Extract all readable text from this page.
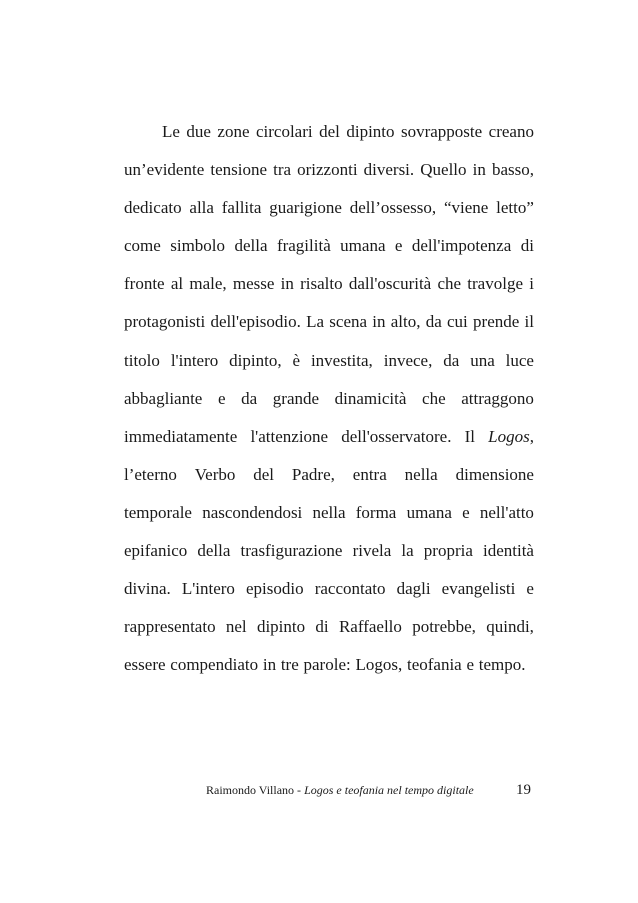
Le due zone circolari del dipinto sovrapposte creano
un’evidente tensione tra orizzonti diversi. Quello in basso,
dedicato alla fallita guarigione dell’ossesso, “viene letto”
come simbolo della fragilità umana e dell'impotenza di
fronte al male, messe in risalto dall'oscurità che travolge i
protagonisti dell'episodio. La scena in alto, da cui prende il
titolo l'intero dipinto, è investita, invece, da una luce
abbagliante e da grande dinamicità che attraggono
immediatamente l'attenzione dell'osservatore. Il Logos,
l’eterno Verbo del Padre, entra nella dimensione
temporale nascondendosi nella forma umana e nell'atto
epifanico della trasfigurazione rivela la propria identità
divina. L'intero episodio raccontato dagli evangelisti e
rappresentato nel dipinto di Raffaello potrebbe, quindi,
essere compendiato in tre parole: Logos, teofania e tempo.
Raimondo Villano - Logos e teofania nel tempo digitale	19
